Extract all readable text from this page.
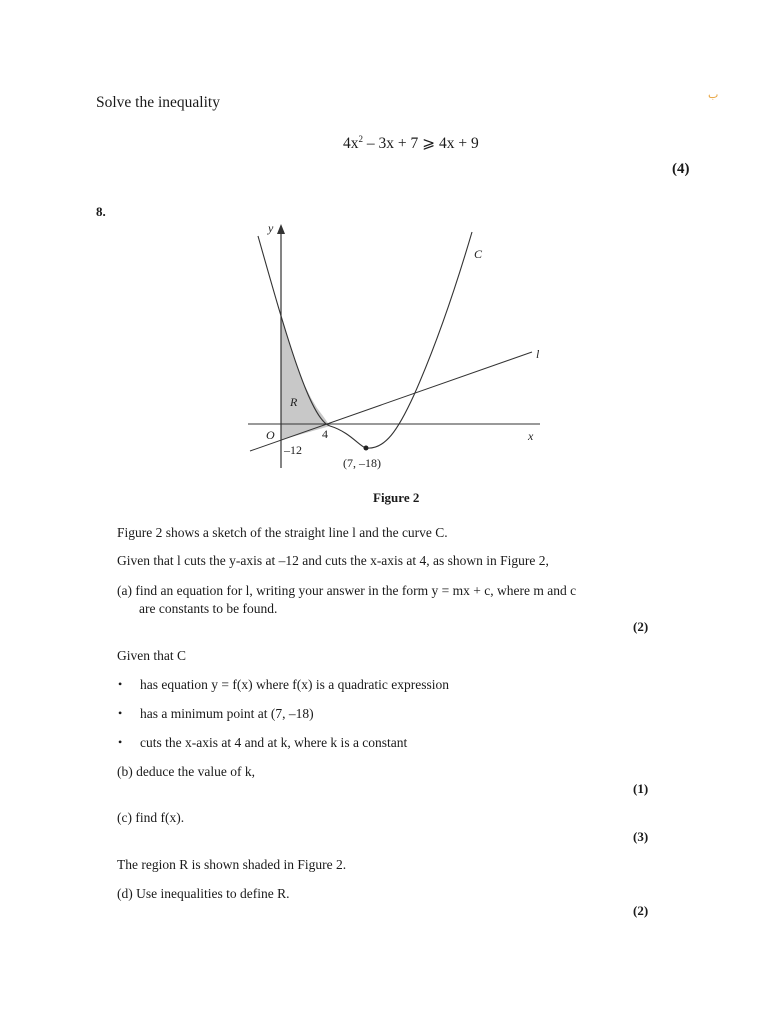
Solve the inequality	ب
$4x^2 - 3x + 7$ ⩾ 4x + 9
(4)
8.
y
x
O
C
l
R
4
–12
(7, –18)
Figure 2
Figure 2 shows a sketch of the straight line l and the curve C.
Given that l cuts the y-axis at –12 and cuts the x-axis at 4, as shown in Figure 2,
(a) find an equation for l, writing your answer in the form y = mx + c, where m and c
are constants to be found.
(2)
Given that C
• has equation y = f(x) where f(x) is a quadratic expression
• has a minimum point at (7, –18)
• cuts the x-axis at 4 and at k, where k is a constant
(b) deduce the value of k,
(1)
(c) find f(x).
(3)
The region R is shown shaded in Figure 2.
(d) Use inequalities to define R.
(2)
